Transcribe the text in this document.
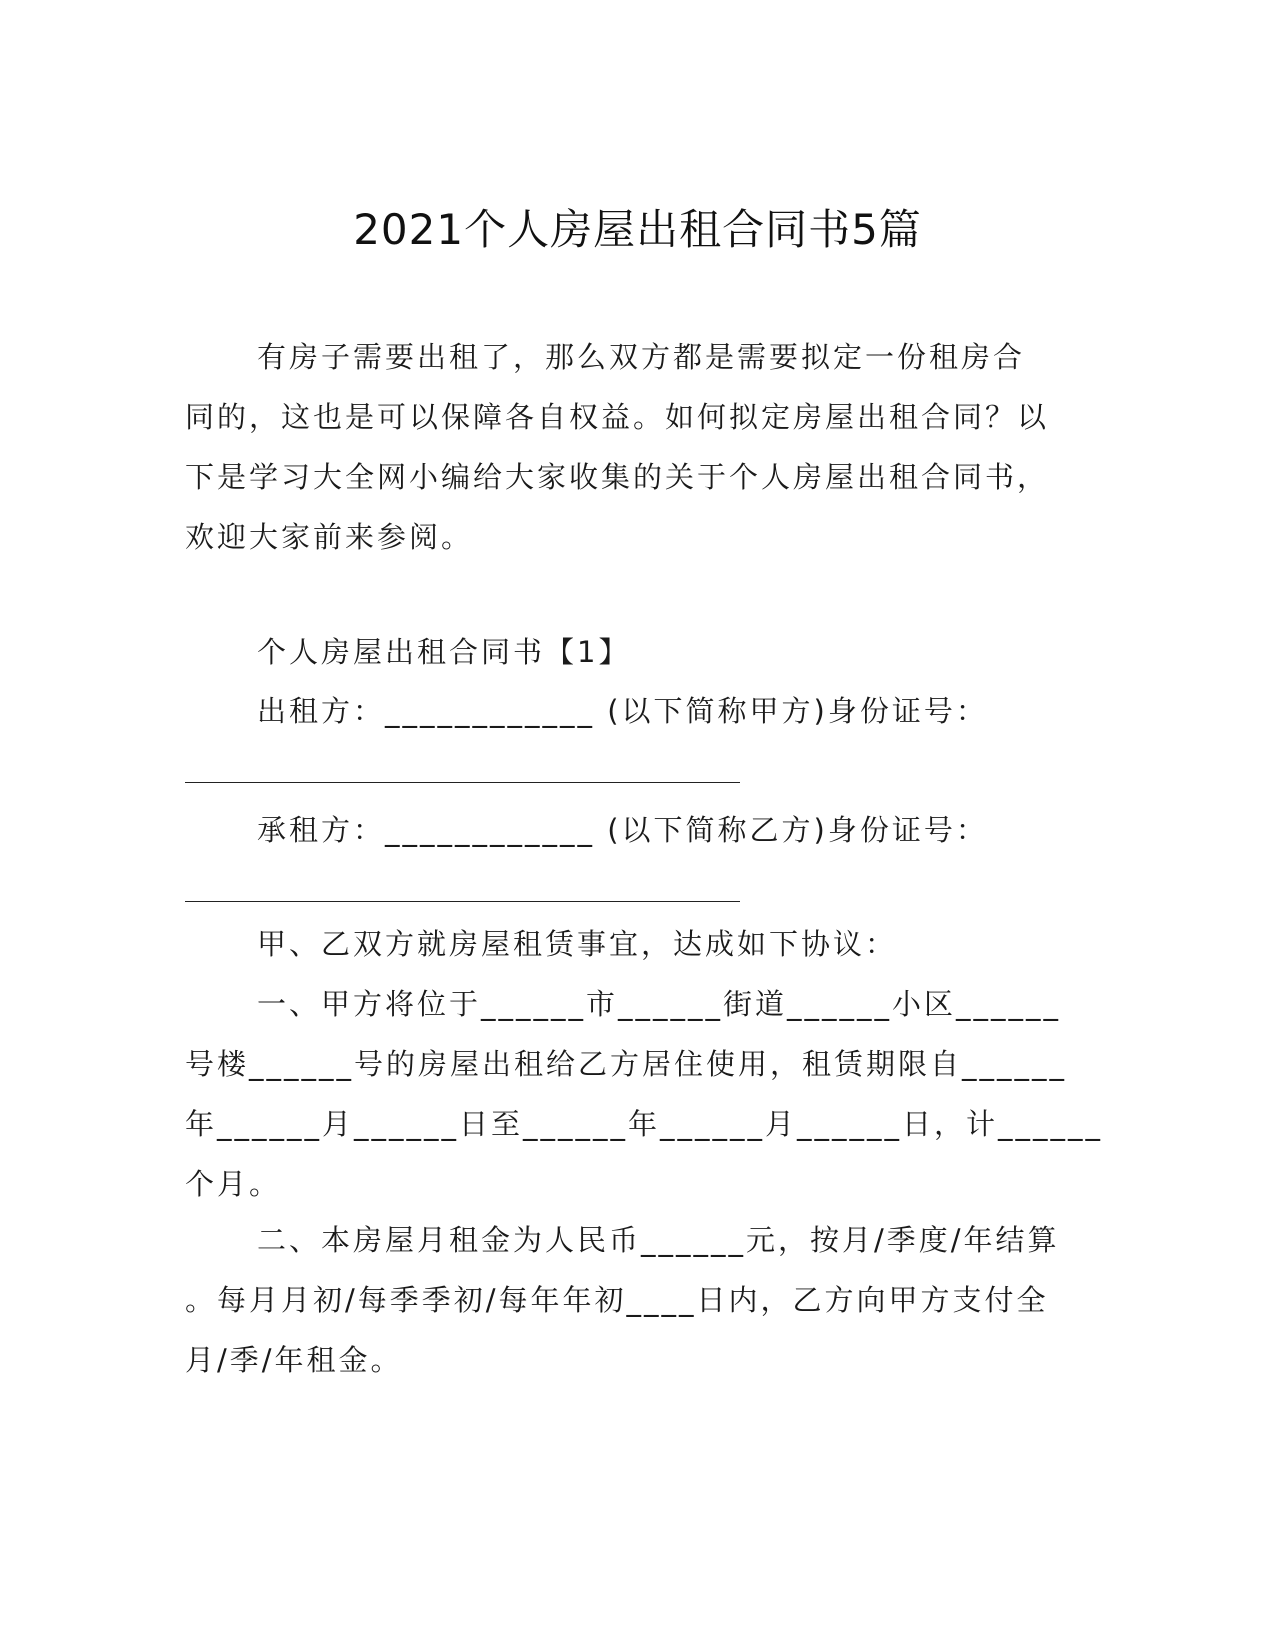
2021个人房屋出租合同书5篇
有房子需要出租了，那么双方都是需要拟定一份租房合
同的，这也是可以保障各自权益。如何拟定房屋出租合同？以
下是学习大全网小编给大家收集的关于个人房屋出租合同书，
欢迎大家前来参阅。
个人房屋出租合同书【1】
出租方：____________ (以下简称甲方)身份证号：
承租方：____________ (以下简称乙方)身份证号：
甲、乙双方就房屋租赁事宜，达成如下协议：
一、甲方将位于______市______街道______小区______
号楼______号的房屋出租给乙方居住使用，租赁期限自______
年______月______日至______年______月______日，计______
个月。
二、本房屋月租金为人民币______元，按月/季度/年结算
。每月月初/每季季初/每年年初____日内，乙方向甲方支付全
月/季/年租金。
